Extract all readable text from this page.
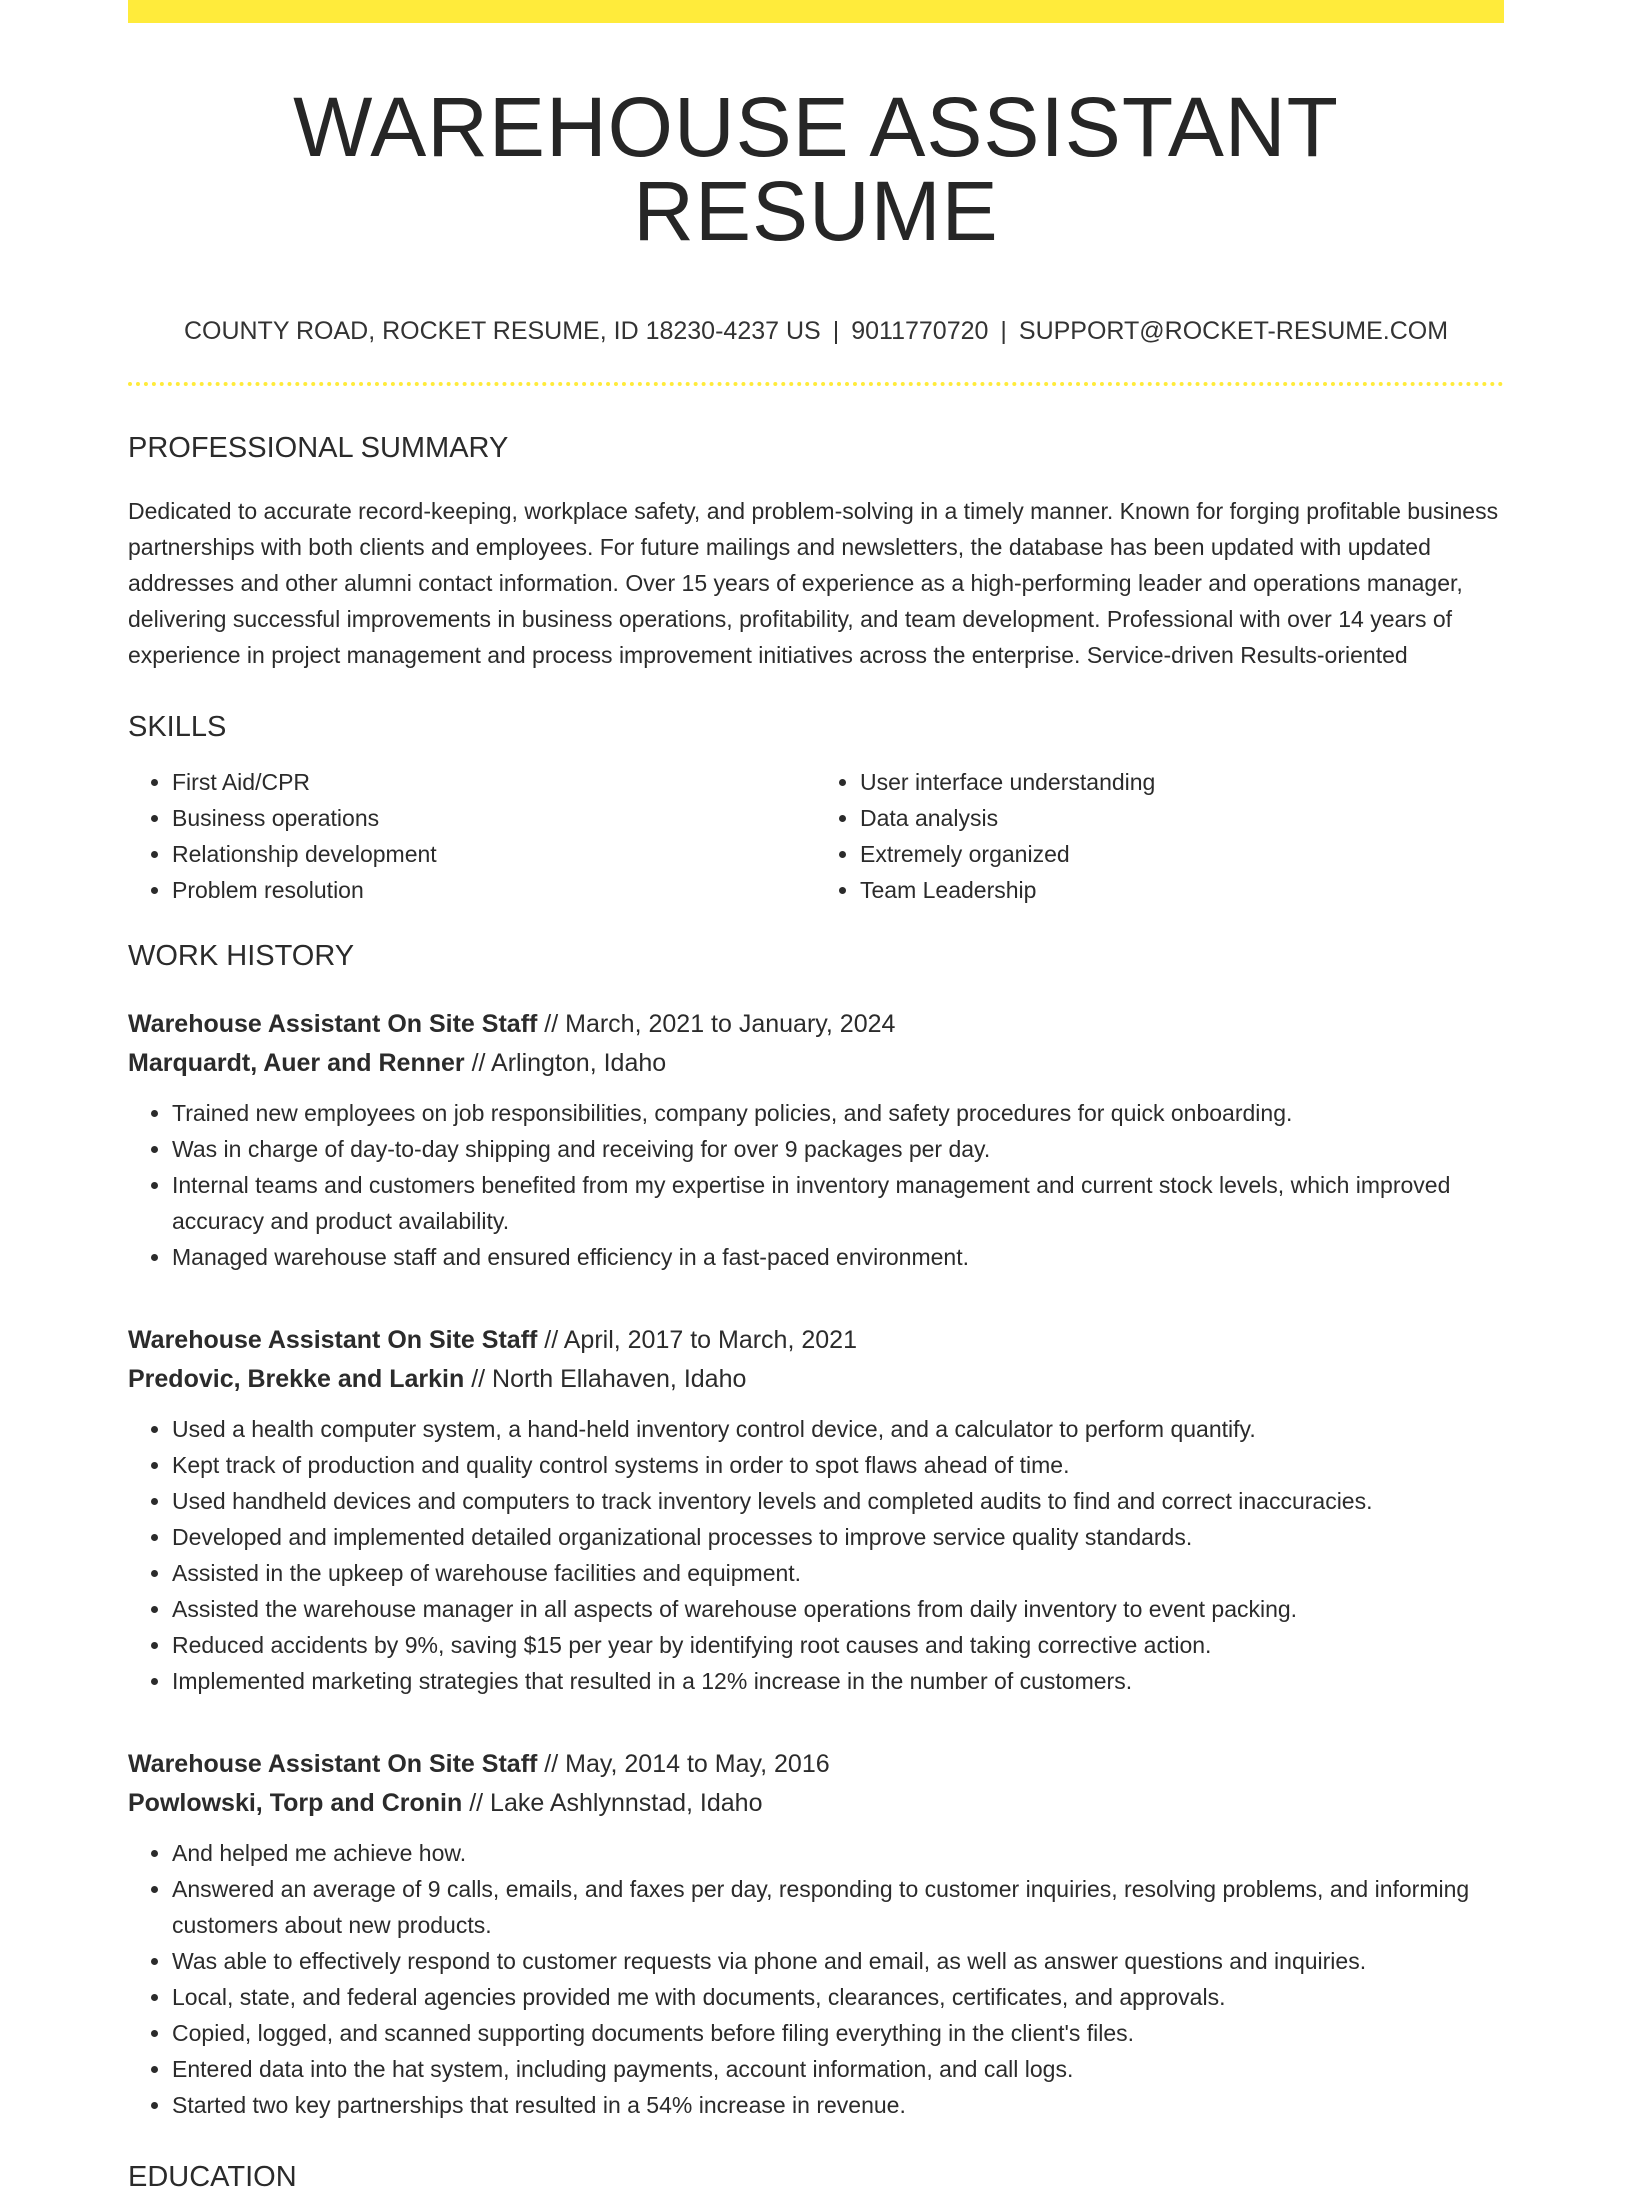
WAREHOUSE ASSISTANT RESUME
COUNTY ROAD, ROCKET RESUME, ID 18230-4237 US | 9011770720 | SUPPORT@ROCKET-RESUME.COM
PROFESSIONAL SUMMARY

Dedicated to accurate record-keeping, workplace safety, and problem-solving in a timely manner. Known for forging profitable business partnerships with both clients and employees. For future mailings and newsletters, the database has been updated with updated addresses and other alumni contact information. Over 15 years of experience as a high-performing leader and operations manager, delivering successful improvements in business operations, profitability, and team development. Professional with over 14 years of experience in project management and process improvement initiatives across the enterprise. Service-driven Results-oriented

SKILLS
• First Aid/CPR
• Business operations
• Relationship development
• Problem resolution
• User interface understanding
• Data analysis
• Extremely organized
• Team Leadership
WORK HISTORY
Warehouse Assistant On Site Staff // March, 2021 to January, 2024
Marquardt, Auer and Renner // Arlington, Idaho
• Trained new employees on job responsibilities, company policies, and safety procedures for quick onboarding.
• Was in charge of day-to-day shipping and receiving for over 9 packages per day.
• Internal teams and customers benefited from my expertise in inventory management and current stock levels, which improved accuracy and product availability.
• Managed warehouse staff and ensured efficiency in a fast-paced environment.
Warehouse Assistant On Site Staff // April, 2017 to March, 2021
Predovic, Brekke and Larkin // North Ellahaven, Idaho
• Used a health computer system, a hand-held inventory control device, and a calculator to perform quantify.
• Kept track of production and quality control systems in order to spot flaws ahead of time.
• Used handheld devices and computers to track inventory levels and completed audits to find and correct inaccuracies.
• Developed and implemented detailed organizational processes to improve service quality standards.
• Assisted in the upkeep of warehouse facilities and equipment.
• Assisted the warehouse manager in all aspects of warehouse operations from daily inventory to event packing.
• Reduced accidents by 9%, saving $15 per year by identifying root causes and taking corrective action.
• Implemented marketing strategies that resulted in a 12% increase in the number of customers.
Warehouse Assistant On Site Staff // May, 2014 to May, 2016
Powlowski, Torp and Cronin // Lake Ashlynnstad, Idaho
• And helped me achieve how.
• Answered an average of 9 calls, emails, and faxes per day, responding to customer inquiries, resolving problems, and informing customers about new products.
• Was able to effectively respond to customer requests via phone and email, as well as answer questions and inquiries.
• Local, state, and federal agencies provided me with documents, clearances, certificates, and approvals.
• Copied, logged, and scanned supporting documents before filing everything in the client's files.
• Entered data into the hat system, including payments, account information, and call logs.
• Started two key partnerships that resulted in a 54% increase in revenue.
EDUCATION
